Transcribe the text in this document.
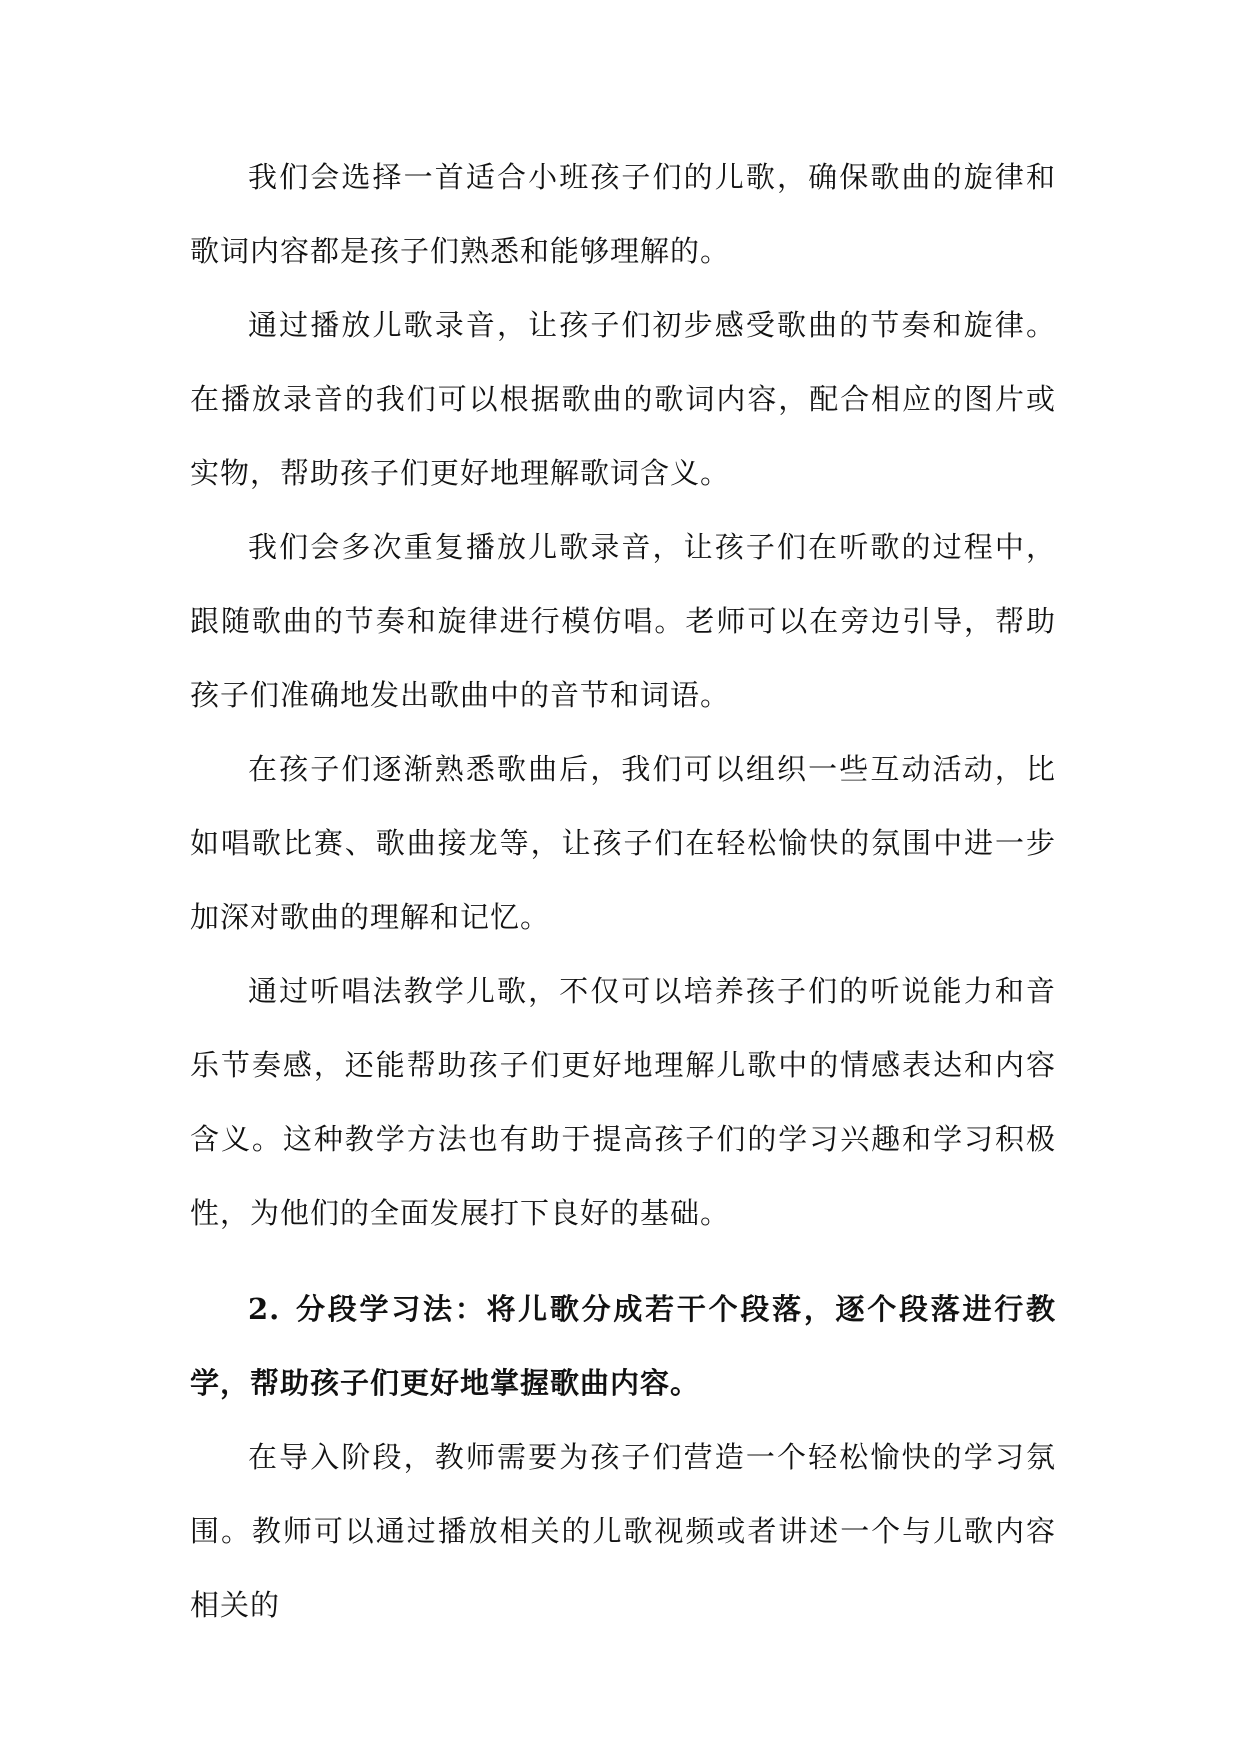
我们会选择一首适合小班孩子们的儿歌，确保歌曲的旋律和歌词内容都是孩子们熟悉和能够理解的。

通过播放儿歌录音，让孩子们初步感受歌曲的节奏和旋律。在播放录音的我们可以根据歌曲的歌词内容，配合相应的图片或实物，帮助孩子们更好地理解歌词含义。

我们会多次重复播放儿歌录音，让孩子们在听歌的过程中，跟随歌曲的节奏和旋律进行模仿唱。老师可以在旁边引导，帮助孩子们准确地发出歌曲中的音节和词语。

在孩子们逐渐熟悉歌曲后，我们可以组织一些互动活动，比如唱歌比赛、歌曲接龙等，让孩子们在轻松愉快的氛围中进一步加深对歌曲的理解和记忆。

通过听唱法教学儿歌，不仅可以培养孩子们的听说能力和音乐节奏感，还能帮助孩子们更好地理解儿歌中的情感表达和内容含义。这种教学方法也有助于提高孩子们的学习兴趣和学习积极性，为他们的全面发展打下良好的基础。

2. 分段学习法：将儿歌分成若干个段落，逐个段落进行教学，帮助孩子们更好地掌握歌曲内容。

在导入阶段，教师需要为孩子们营造一个轻松愉快的学习氛围。教师可以通过播放相关的儿歌视频或者讲述一个与儿歌内容相关的
